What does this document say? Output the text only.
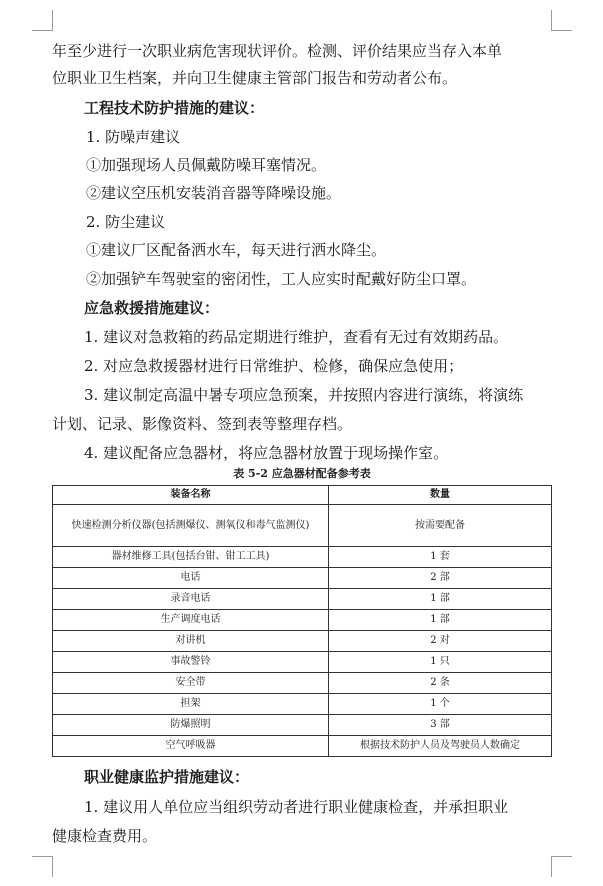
年至少进行一次职业病危害现状评价。检测、评价结果应当存入本单
位职业卫生档案，并向卫生健康主管部门报告和劳动者公布。
工程技术防护措施的建议：
1. 防噪声建议
①加强现场人员佩戴防噪耳塞情况。
②建议空压机安装消音器等降噪设施。
2. 防尘建议
①建议厂区配备洒水车，每天进行洒水降尘。
②加强铲车驾驶室的密闭性，工人应实时配戴好防尘口罩。
应急救援措施建议：
1. 建议对急救箱的药品定期进行维护，查看有无过有效期药品。
2. 对应急救援器材进行日常维护、检修，确保应急使用；
3. 建议制定高温中暑专项应急预案，并按照内容进行演练，将演练
计划、记录、影像资料、签到表等整理存档。
4. 建议配备应急器材，将应急器材放置于现场操作室。
表 5-2 应急器材配备参考表
装备名称	数量
快速检测分析仪器(包括测爆仪、测氧仪和毒气监测仪)	按需要配备
器材维修工具(包括台钳、钳工工具)	1 套
电话	2 部
录音电话	1 部
生产调度电话	1 部
对讲机	2 对
事故警铃	1 只
安全带	2 条
担架	1 个
防爆照明	3 部
空气呼吸器	根据技术防护人员及驾驶员人数确定
职业健康监护措施建议：
1. 建议用人单位应当组织劳动者进行职业健康检查，并承担职业
健康检查费用。
